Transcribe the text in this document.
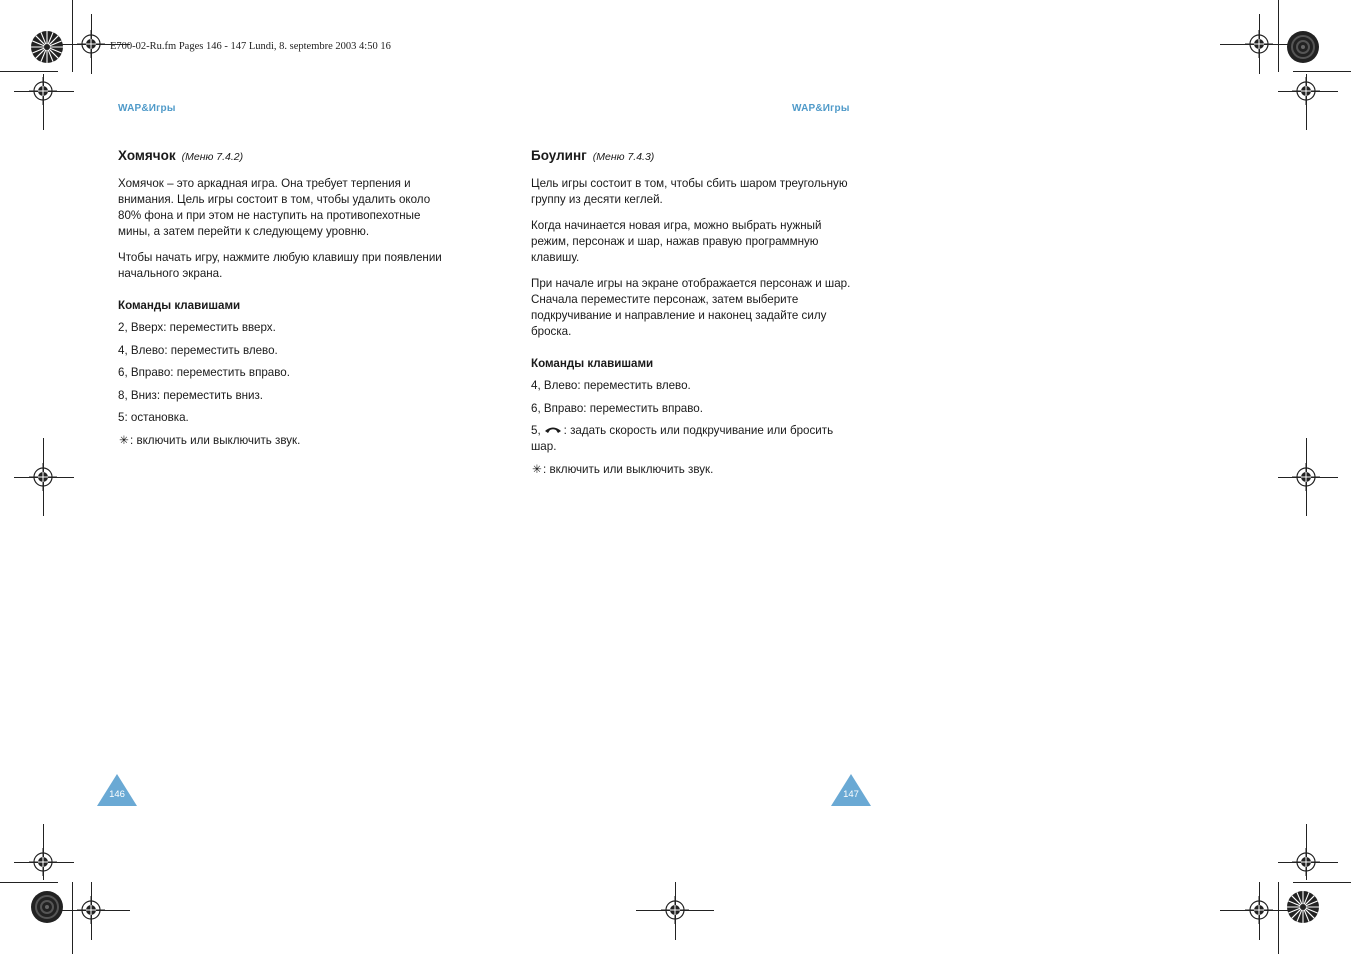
E700-02-Ru.fm Pages 146 - 147 Lundi, 8. septembre 2003 4:50 16
WAP&Игры	WAP&Игры
Хомячок (Меню 7.4.2)

Хомячок – это аркадная игра. Она требует терпения и внимания. Цель игры состоит в том, чтобы удалить около 80% фона и при этом не наступить на противопехотные мины, а затем перейти к следующему уровню.

Чтобы начать игру, нажмите любую клавишу при появлении начального экрана.

Команды клавишами
2, Вверх: переместить вверх.
4, Влево: переместить влево.
6, Вправо: переместить вправо.
8, Вниз: переместить вниз.
5: остановка.
✳: включить или выключить звук.
Боулинг (Меню 7.4.3)

Цель игры состоит в том, чтобы сбить шаром треугольную группу из десяти кеглей.

Когда начинается новая игра, можно выбрать нужный режим, персонаж и шар, нажав правую программную клавишу.

При начале игры на экране отображается персонаж и шар. Сначала переместите персонаж, затем выберите подкручивание и направление и наконец задайте силу броска.

Команды клавишами
4, Влево: переместить влево.
6, Вправо: переместить вправо.
5, : задать скорость или подкручивание или бросить шар.
✳: включить или выключить звук.
146	147
